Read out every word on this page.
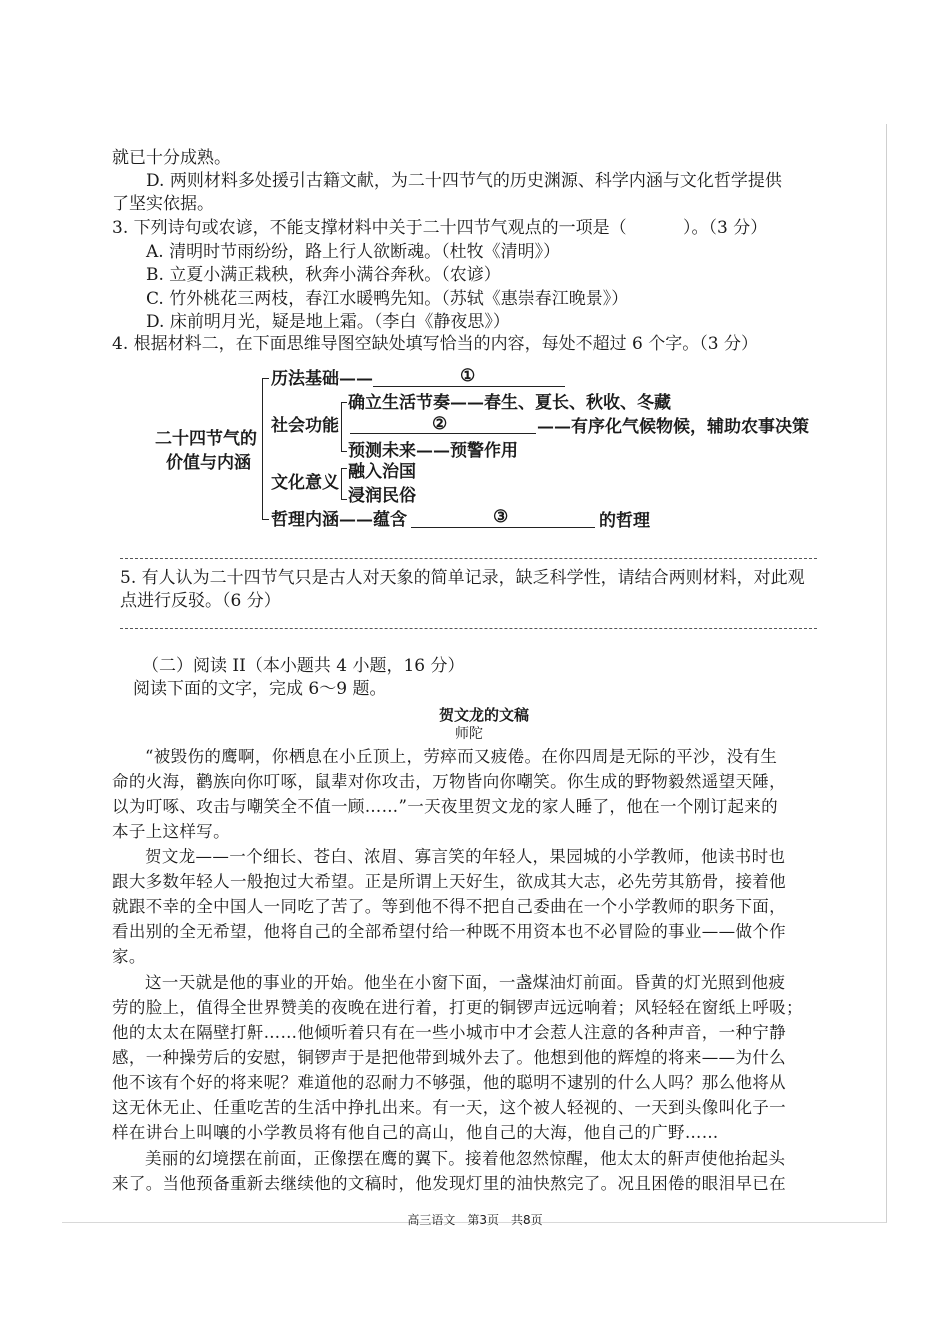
就已十分成熟。
D. 两则材料多处援引古籍文献，为二十四节气的历史渊源、科学内涵与文化哲学提供
了坚实依据。
3. 下列诗句或农谚，不能支撑材料中关于二十四节气观点的一项是（	）。（3 分）
A. 清明时节雨纷纷，路上行人欲断魂。（杜牧《清明》）
B. 立夏小满正栽秧，秋奔小满谷奔秋。（农谚）
C. 竹外桃花三两枝，春江水暖鸭先知。（苏轼《惠崇春江晚景》）
D. 床前明月光，疑是地上霜。（李白《静夜思》）
4. 根据材料二，在下面思维导图空缺处填写恰当的内容，每处不超过 6 个字。（3 分）
二十四节气的
价值与内涵
历法基础——	①
社会功能
确立生活节奏——春生、夏长、秋收、冬藏
②	——有序化气候物候，辅助农事决策
预测未来——预警作用
文化意义
融入治国
浸润民俗
哲理内涵——蕴含	③	的哲理
5. 有人认为二十四节气只是古人对天象的简单记录，缺乏科学性，请结合两则材料，对此观
点进行反驳。（6 分）
（二）阅读 II（本小题共 4 小题，16 分）
阅读下面的文字，完成 6～9 题。
贺文龙的文稿
师陀
“被毁伤的鹰啊，你栖息在小丘顶上，劳瘁而又疲倦。在你四周是无际的平沙，没有生
命的火海，鹳族向你叮啄，鼠辈对你攻击，万物皆向你嘲笑。你生成的野物毅然遥望天陲，
以为叮啄、攻击与嘲笑全不值一顾……”一天夜里贺文龙的家人睡了，他在一个刚订起来的
本子上这样写。
贺文龙——一个细长、苍白、浓眉、寡言笑的年轻人，果园城的小学教师，他读书时也
跟大多数年轻人一般抱过大希望。正是所谓上天好生，欲成其大志，必先劳其筋骨，接着他
就跟不幸的全中国人一同吃了苦了。等到他不得不把自己委曲在一个小学教师的职务下面，
看出别的全无希望，他将自己的全部希望付给一种既不用资本也不必冒险的事业——做个作
家。
这一天就是他的事业的开始。他坐在小窗下面，一盏煤油灯前面。昏黄的灯光照到他疲
劳的脸上，值得全世界赞美的夜晚在进行着，打更的铜锣声远远响着；风轻轻在窗纸上呼吸；
他的太太在隔壁打鼾……他倾听着只有在一些小城市中才会惹人注意的各种声音，一种宁静
感，一种操劳后的安慰，铜锣声于是把他带到城外去了。他想到他的辉煌的将来——为什么
他不该有个好的将来呢？难道他的忍耐力不够强，他的聪明不逮别的什么人吗？那么他将从
这无休无止、任重吃苦的生活中挣扎出来。有一天，这个被人轻视的、一天到头像叫化子一
样在讲台上叫嚷的小学教员将有他自己的高山，他自己的大海，他自己的广野……
美丽的幻境摆在前面，正像摆在鹰的翼下。接着他忽然惊醒，他太太的鼾声使他抬起头
来了。当他预备重新去继续他的文稿时，他发现灯里的油快熬完了。况且困倦的眼泪早已在
高三语文　第3页　共8页
